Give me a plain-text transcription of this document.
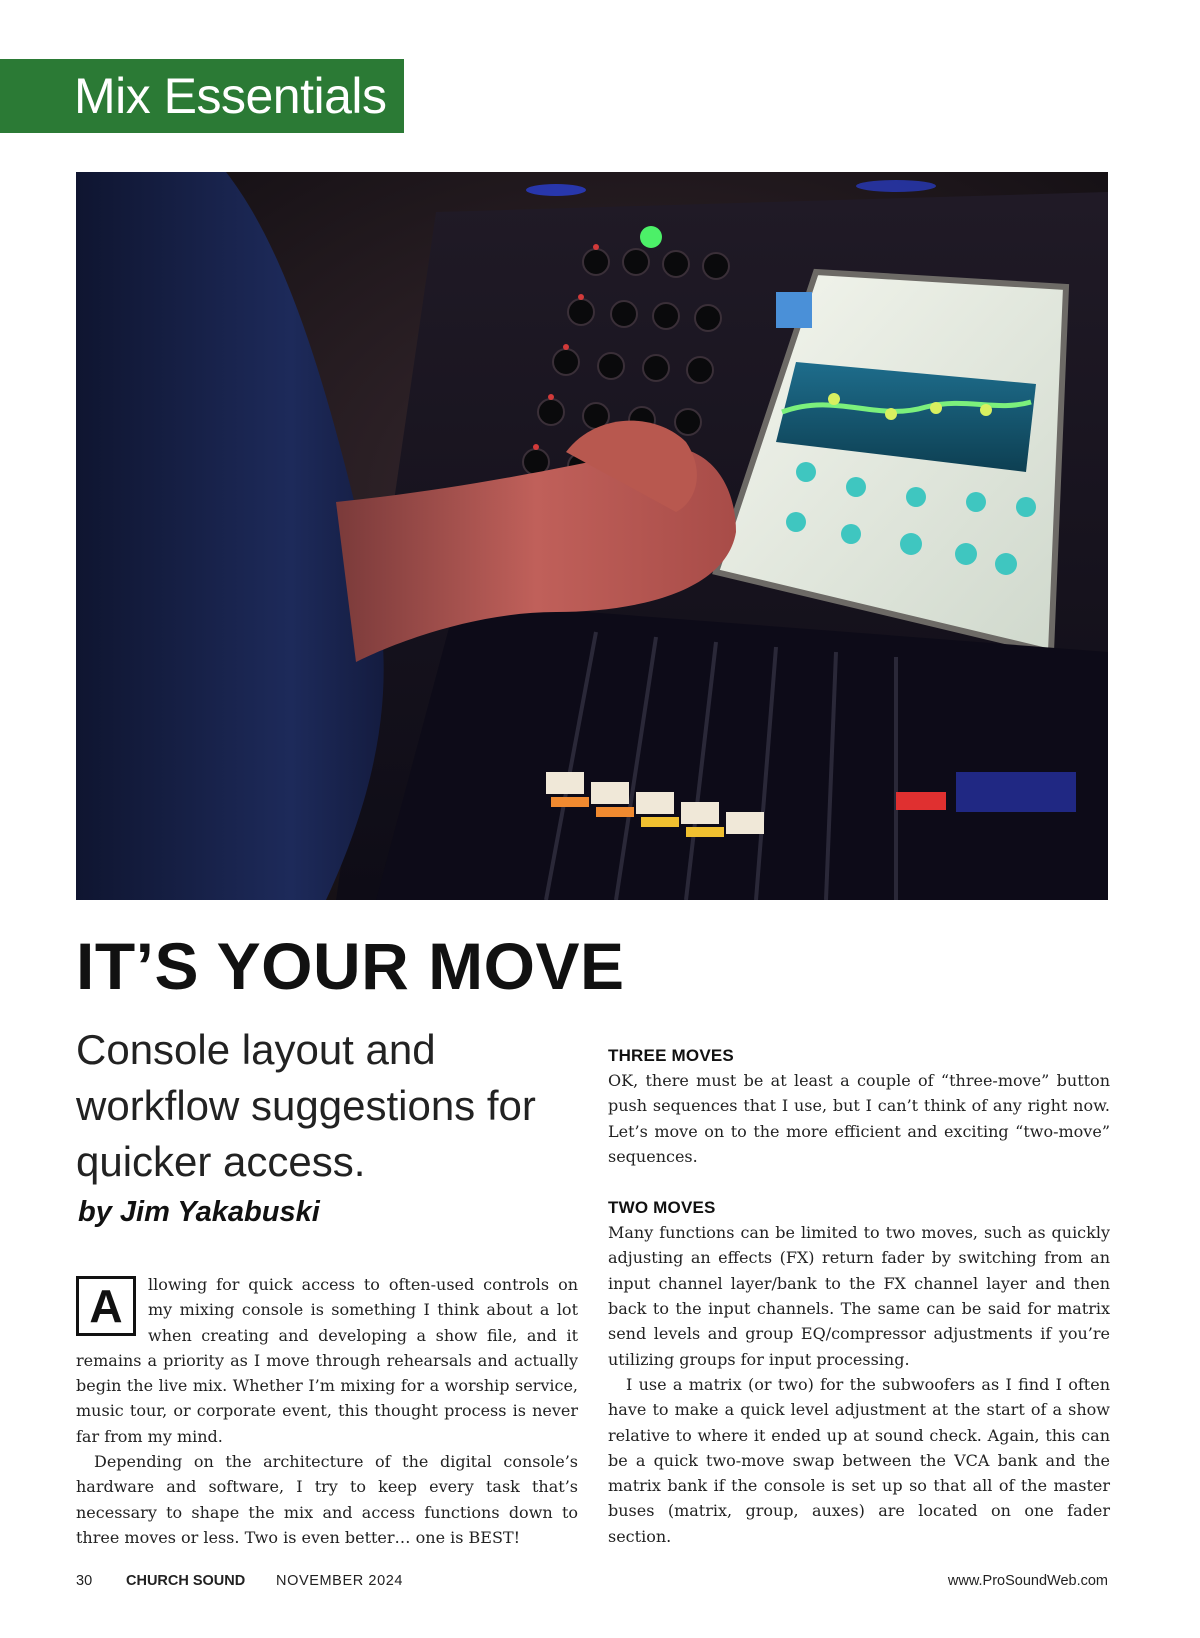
Mix Essentials
IT’S YOUR MOVE
Console layout and workflow suggestions for quicker access.
by Jim Yakabuski
A	llowing for quick access to often-used controls on my mixing console is something I think about a lot when creating and developing a show file, and it remains a priority as I move through rehearsals and actually begin the live mix. Whether I’m mixing for a worship service, music tour, or corporate event, this thought process is never far from my mind.

Depending on the architecture of the digital console’s hardware and software, I try to keep every task that’s necessary to shape the mix and access functions down to three moves or less. Two is even better… one is BEST!

THREE MOVES

OK, there must be at least a couple of “three-move” button push sequences that I use, but I can’t think of any right now. Let’s move on to the more efficient and exciting “two-move” sequences.

TWO MOVES

Many functions can be limited to two moves, such as quickly adjusting an effects (FX) return fader by switching from an input channel layer/bank to the FX channel layer and then back to the input channels. The same can be said for matrix send levels and group EQ/compressor adjustments if you’re utilizing groups for input processing.

I use a matrix (or two) for the subwoofers as I find I often have to make a quick level adjustment at the start of a show relative to where it ended up at sound check. Again, this can be a quick two-move swap between the VCA bank and the matrix bank if the console is set up so that all of the master buses (matrix, group, auxes) are located on one fader section.

30 CHURCH SOUND NOVEMBER 2024	www.ProSoundWeb.com
